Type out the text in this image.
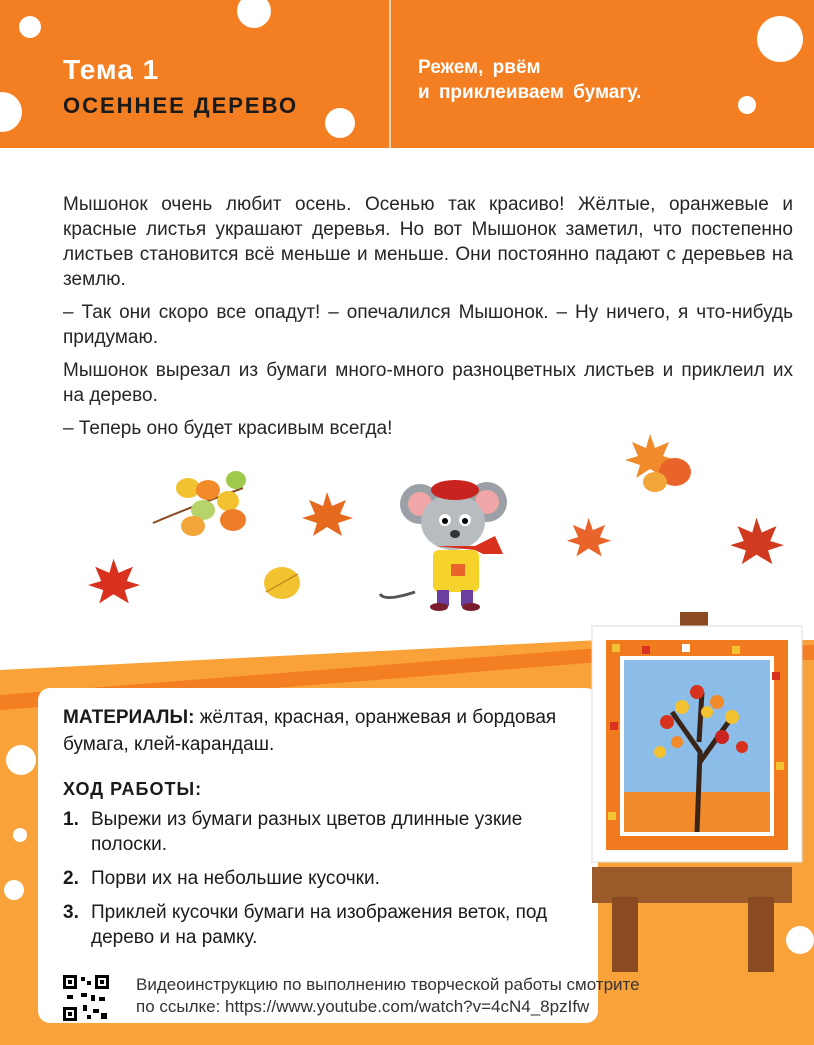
Тема 1
ОСЕННЕЕ ДЕРЕВО
Режем, рвём
и приклеиваем бумагу.

Мышонок очень любит осень. Осенью так красиво! Жёлтые, оранжевые и красные листья украшают деревья. Но вот Мышонок заметил, что постепенно листьев становится всё меньше и меньше. Они постоянно падают с деревьев на землю.

– Так они скоро все опадут! – опечалился Мышонок. – Ну ничего, я что-нибудь придумаю.

Мышонок вырезал из бумаги много-много разноцветных листьев и приклеил их на дерево.

– Теперь оно будет красивым всегда!

МАТЕРИАЛЫ: жёлтая, красная, оранжевая и бордовая бумага, клей-карандаш.
ХОД РАБОТЫ:
1. Вырежи из бумаги разных цветов длинные узкие полоски.
2. Порви их на небольшие кусочки.
3. Приклей кусочки бумаги на изображения веток, под дерево и на рамку.
Видеоинструкцию по выполнению творческой работы смотрите
по ссылке: https://www.youtube.com/watch?v=4cN4_8pzIfw
